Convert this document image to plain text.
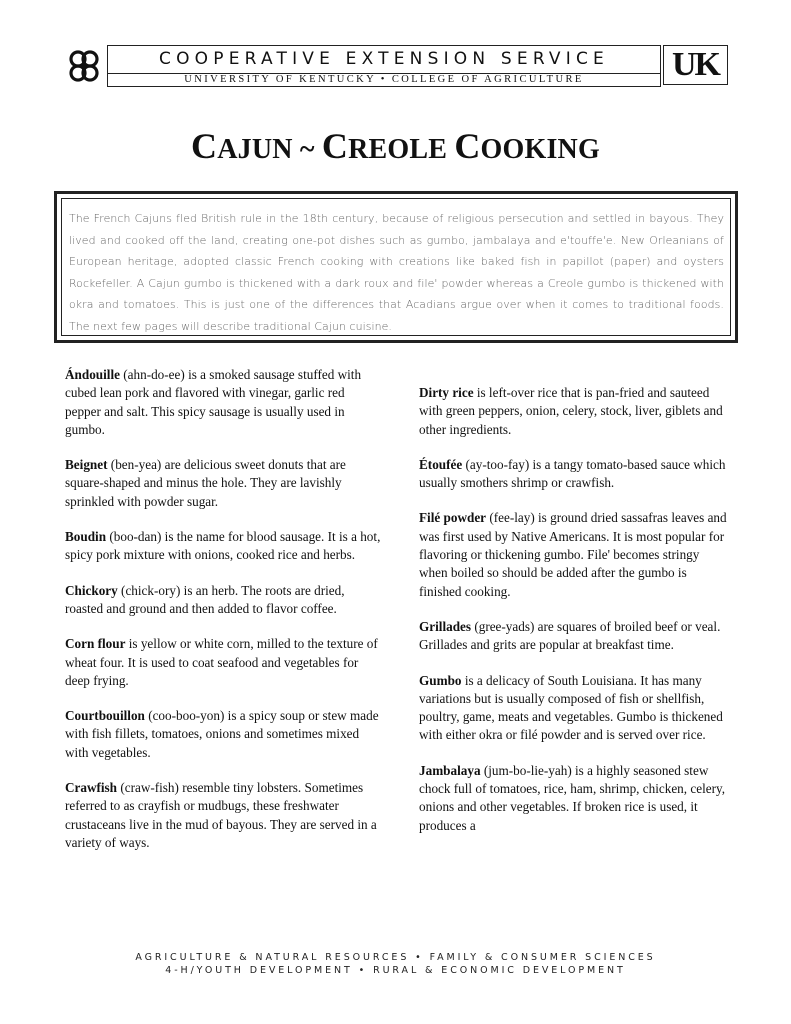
COOPERATIVE EXTENSION SERVICE
UNIVERSITY OF KENTUCKY • COLLEGE OF AGRICULTURE	UK
CAJUN ~ CREOLE COOKING
The French Cajuns fled British rule in the 18th century, because of religious persecution and settled in bayous. They lived and cooked off the land, creating one-pot dishes such as gumbo, jambalaya and e'touffe'e. New Orleanians of European heritage, adopted classic French cooking with creations like baked fish in papillot (paper) and oysters Rockefeller. A Cajun gumbo is thickened with a dark roux and file' powder whereas a Creole gumbo is thickened with okra and tomatoes. This is just one of the differences that Acadians argue over when it comes to traditional foods. The next few pages will describe traditional Cajun cuisine.

Ándouille (ahn-do-ee) is a smoked sausage stuffed with cubed lean pork and flavored with vinegar, garlic red pepper and salt. This spicy sausage is usually used in gumbo.

Beignet (ben-yea) are delicious sweet donuts that are square-shaped and minus the hole. They are lavishly sprinkled with powder sugar.

Boudin (boo-dan) is the name for blood sausage. It is a hot, spicy pork mixture with onions, cooked rice and herbs.

Chickory (chick-ory) is an herb. The roots are dried, roasted and ground and then added to flavor coffee.

Corn flour is yellow or white corn, milled to the texture of wheat four. It is used to coat seafood and vegetables for deep frying.

Courtbouillon (coo-boo-yon) is a spicy soup or stew made with fish fillets, tomatoes, onions and sometimes mixed with vegetables.

Crawfish (craw-fish) resemble tiny lobsters. Sometimes referred to as crayfish or mudbugs, these freshwater crustaceans live in the mud of bayous. They are served in a variety of ways.

Dirty rice is left-over rice that is pan-fried and sauteed with green peppers, onion, celery, stock, liver, giblets and other ingredients.

Étoufée (ay-too-fay) is a tangy tomato-based sauce which usually smothers shrimp or crawfish.

Filé powder (fee-lay) is ground dried sassafras leaves and was first used by Native Americans. It is most popular for flavoring or thickening gumbo. File' becomes stringy when boiled so should be added after the gumbo is finished cooking.

Grillades (gree-yads) are squares of broiled beef or veal. Grillades and grits are popular at breakfast time.

Gumbo is a delicacy of South Louisiana. It has many variations but is usually composed of fish or shellfish, poultry, game, meats and vegetables. Gumbo is thickened with either okra or filé powder and is served over rice.

Jambalaya (jum-bo-lie-yah) is a highly seasoned stew chock full of tomatoes, rice, ham, shrimp, chicken, celery, onions and other vegetables. If broken rice is used, it produces a

AGRICULTURE & NATURAL RESOURCES • FAMILY & CONSUMER SCIENCES
4-H/YOUTH DEVELOPMENT • RURAL & ECONOMIC DEVELOPMENT
